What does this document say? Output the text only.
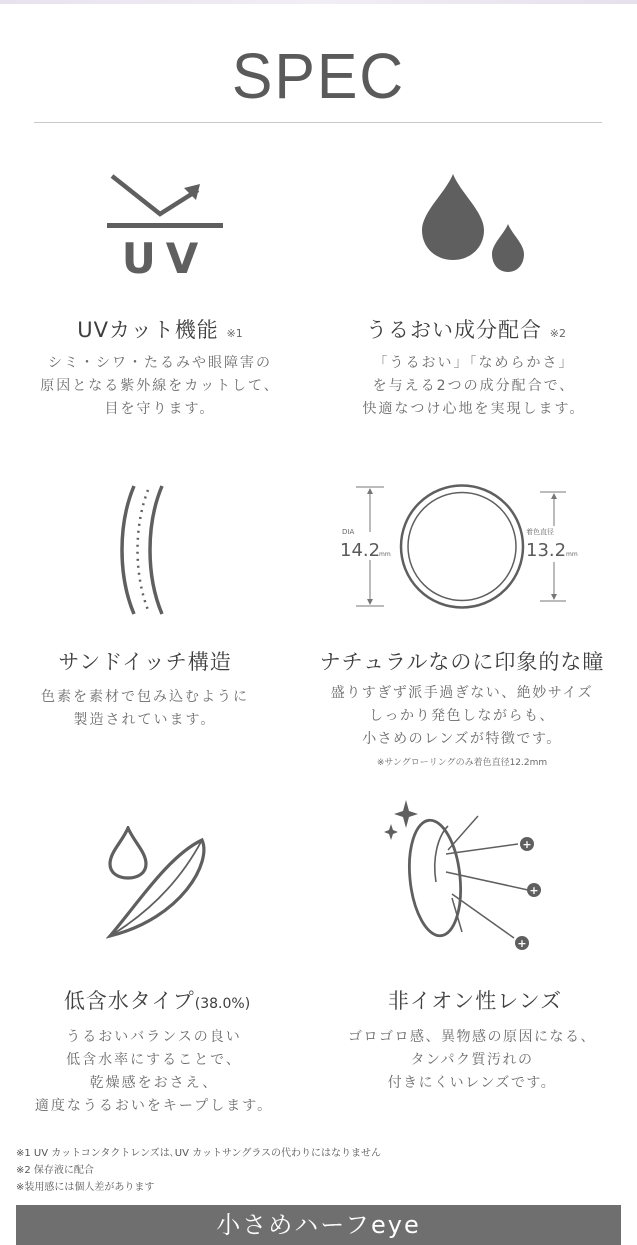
SPEC
UV
UVカット機能 ※1
シミ・シワ・たるみや眼障害の
原因となる紫外線をカットして、
目を守ります。
うるおい成分配合 ※2
「うるおい」「なめらかさ」
を与える2つの成分配合で、
快適なつけ心地を実現します。
サンドイッチ構造
色素を素材で包み込むように
製造されています。
DIA
14.2
mm
着色直径
13.2 mm
ナチュラルなのに印象的な瞳
盛りすぎず派手過ぎない、絶妙サイズ
しっかり発色しながらも、
小さめのレンズが特徴です。
※サングローリングのみ着色直径12.2mm
低含水タイプ(38.0%)
うるおいバランスの良い
低含水率にすることで、
乾燥感をおさえ、
適度なうるおいをキープします。
+
+
+
非イオン性レンズ
ゴロゴロ感、異物感の原因になる、
タンパク質汚れの
付きにくいレンズです。
※1 UV カットコンタクトレンズは､UV カットサングラスの代わりにはなりません
※2 保存液に配合
※装用感には個人差があります
小さめハーフeye
